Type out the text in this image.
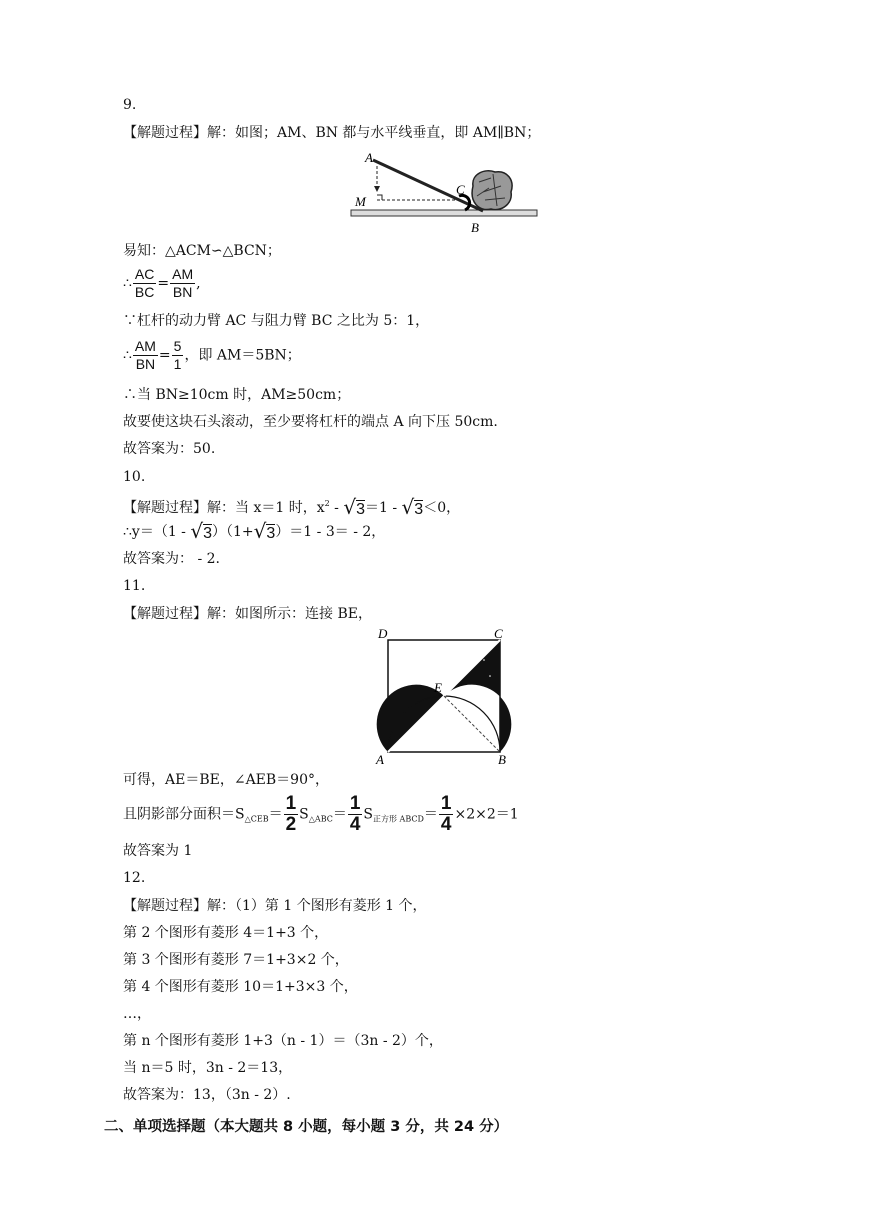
9.
【解题过程】解：如图；AM、BN 都与水平线垂直，即 AM∥BN；
A
M
C
B
易知：△ACM∽△BCN；
∴ $\frac{AC}{BC} = \frac{AM}{BN}$ ,
∵杠杆的动力臂 AC 与阻力臂 BC 之比为 5：1，
∴ $\frac{AM}{BN} = \frac{5}{1}$ ，即 AM＝5BN；
∴当 BN≥10cm 时，AM≥50cm；
故要使这块石头滚动，至少要将杠杆的端点 A 向下压 50cm.
故答案为：50.
10.
【解题过程】解：当 x＝1 时，$x^2 - √3=1 - √3<0$，
∴y＝（1 - √3）（1+√3）＝1 - 3＝ - 2，
故答案为： - 2.
11.
【解题过程】解：如图所示：连接 BE，
D	C
E
A	B
可得，AE＝BE，∠AEB＝90°，
且阴影部分面积$=S_{\triangle CEB}= \frac{1}{2} S_{\triangle ABC}= \frac{1}{4} S_{正方形 ABCD}= \frac{1}{4} \times 2\times 2=1$
故答案为 1
12.
【解题过程】解：（1）第 1 个图形有菱形 1 个，
第 2 个图形有菱形 4＝1+3 个，
第 3 个图形有菱形 7＝1+3×2 个，
第 4 个图形有菱形 10＝1+3×3 个，
…，
第 n 个图形有菱形 1+3（n - 1）＝（3n - 2）个，
当 n＝5 时，3n - 2＝13，
故答案为：13，（3n - 2）.
二、单项选择题（本大题共 8 小题，每小题 3 分，共 24 分）
